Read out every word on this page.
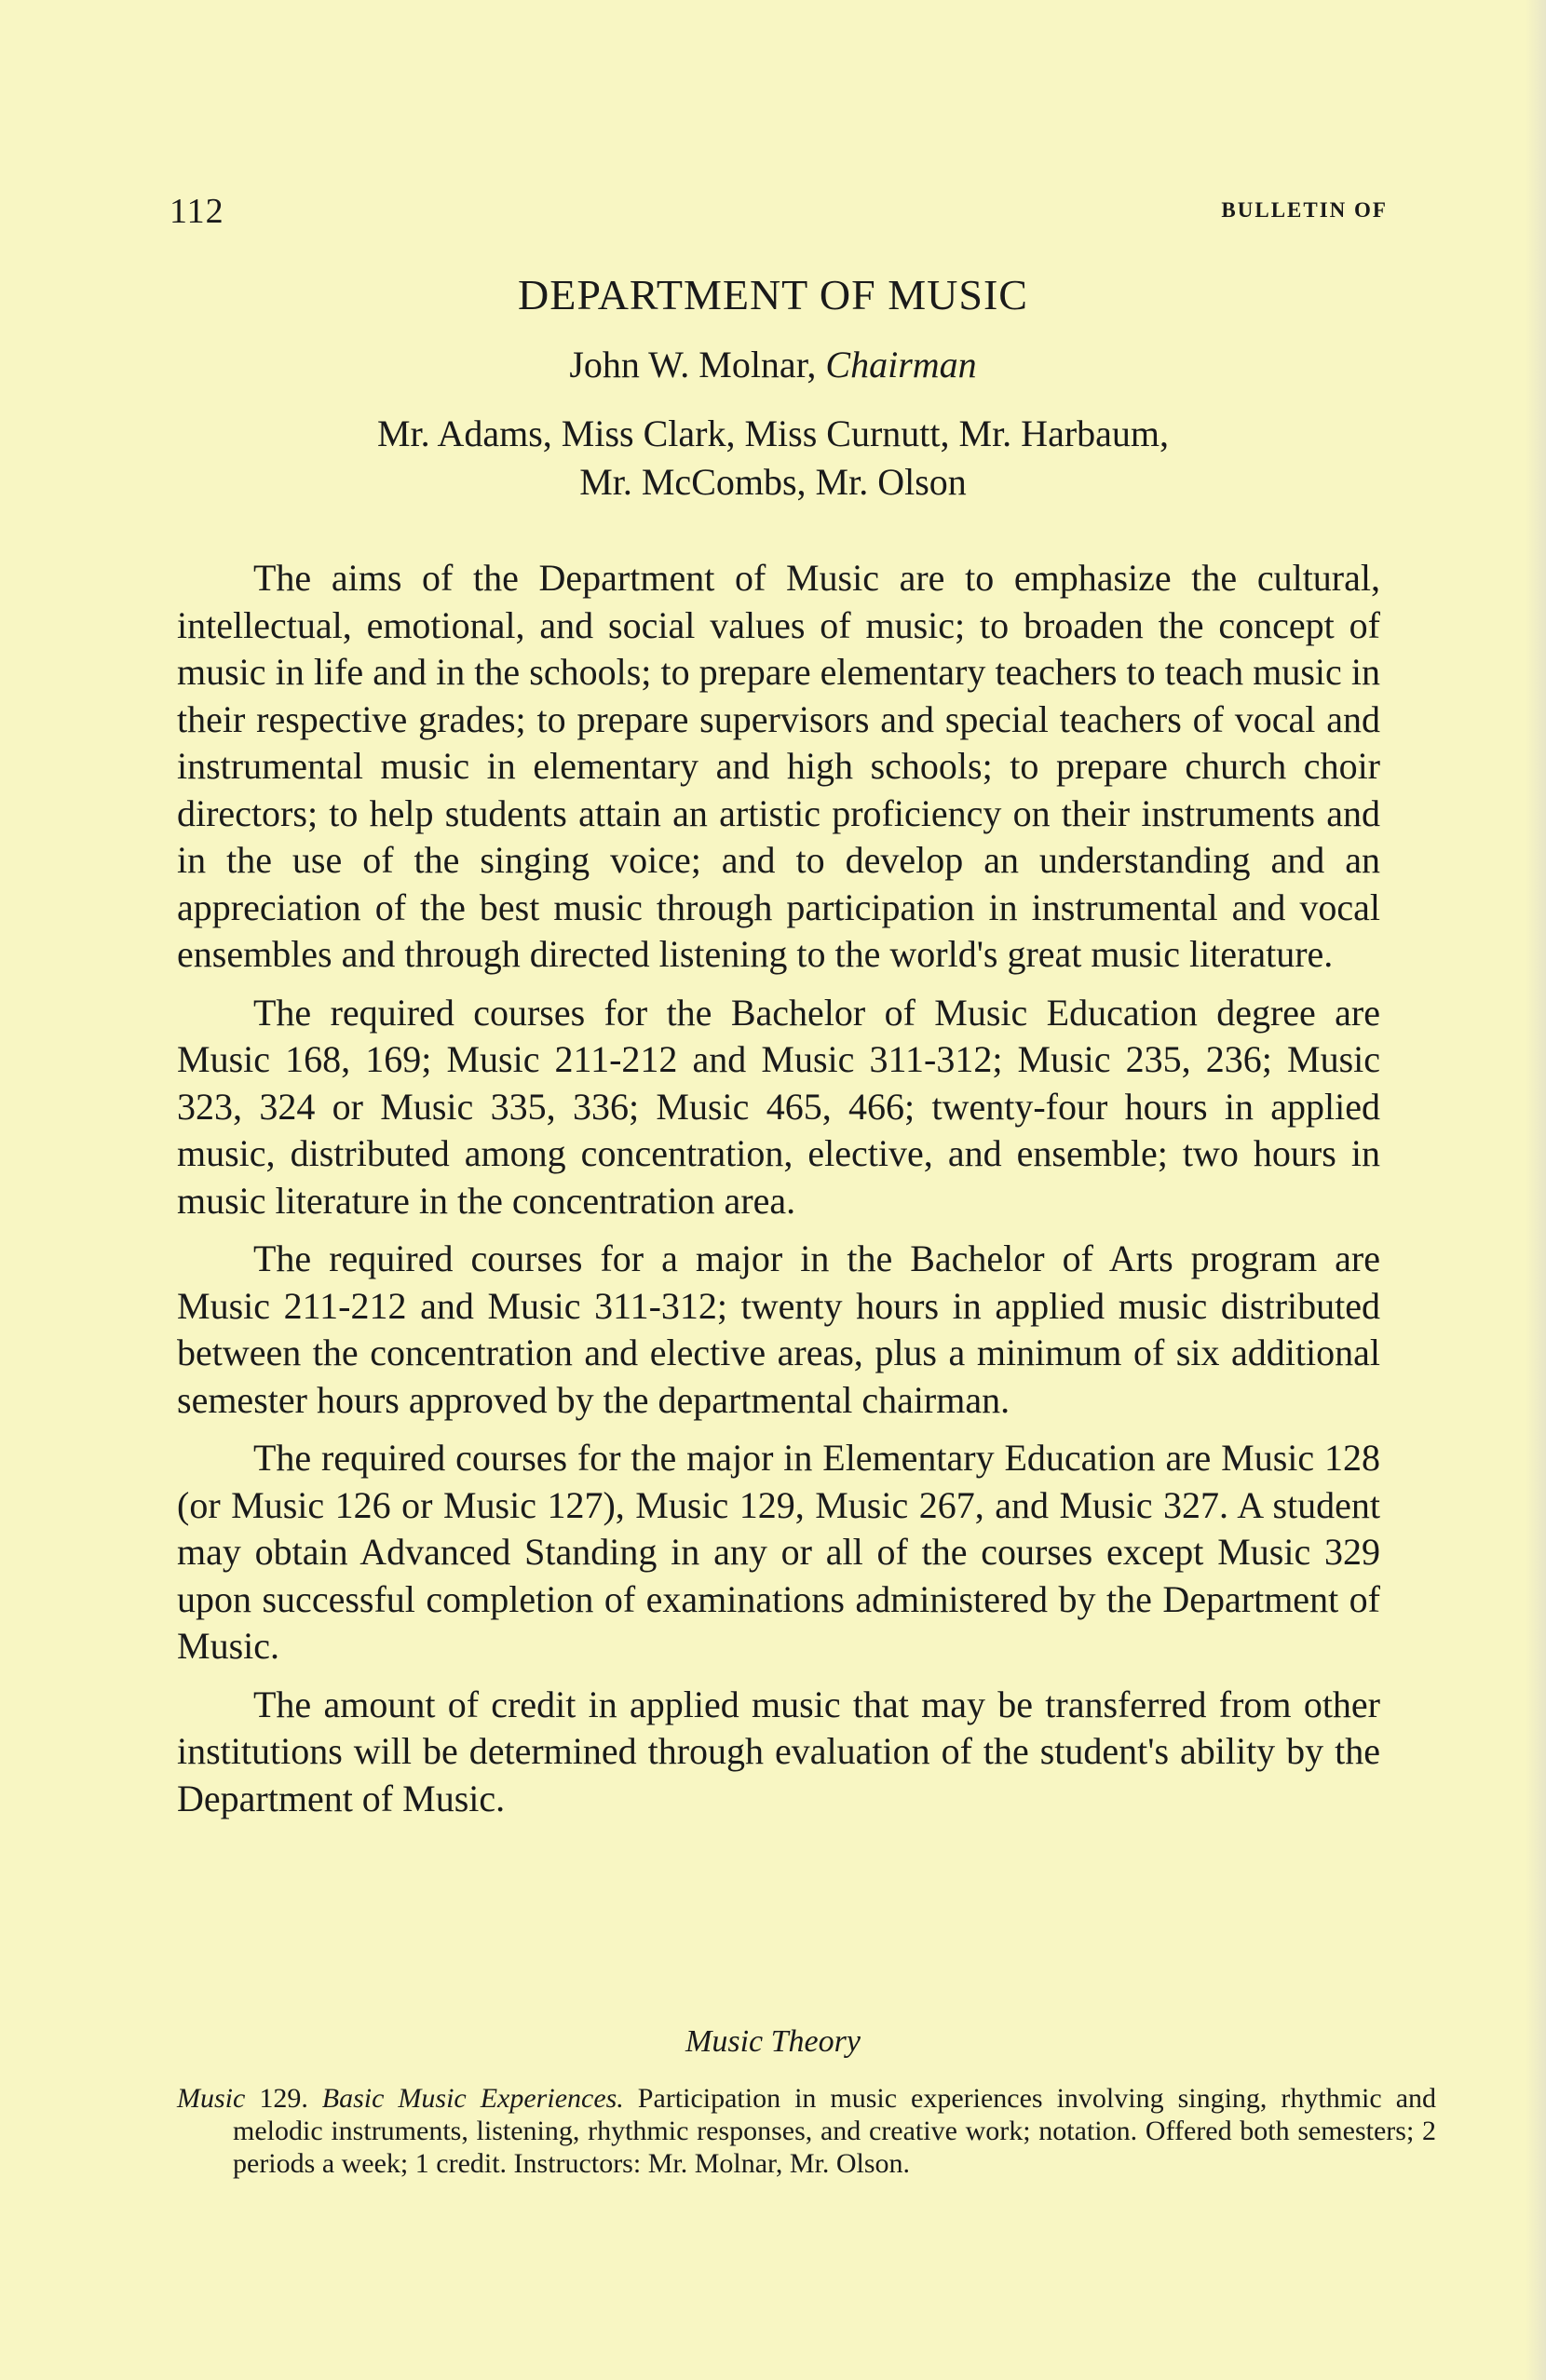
112	BULLETIN OF
DEPARTMENT OF MUSIC
John W. Molnar, Chairman
Mr. Adams, Miss Clark, Miss Curnutt, Mr. Harbaum,
Mr. McCombs, Mr. Olson

The aims of the Department of Music are to emphasize the cultural, intellectual, emotional, and social values of music; to broaden the concept of music in life and in the schools; to prepare elementary teachers to teach music in their respective grades; to prepare supervisors and special teachers of vocal and instrumental music in elementary and high schools; to prepare church choir directors; to help students attain an artistic proficiency on their instruments and in the use of the singing voice; and to develop an understanding and an appreciation of the best music through participation in instrumental and vocal ensembles and through directed listening to the world's great music literature.

The required courses for the Bachelor of Music Education degree are Music 168, 169; Music 211-212 and Music 311-312; Music 235, 236; Music 323, 324 or Music 335, 336; Music 465, 466; twenty-four hours in applied music, distributed among concentration, elective, and ensemble; two hours in music literature in the concentration area.

The required courses for a major in the Bachelor of Arts program are Music 211-212 and Music 311-312; twenty hours in applied music distributed between the concentration and elective areas, plus a minimum of six additional semester hours approved by the departmental chairman.

The required courses for the major in Elementary Education are Music 128 (or Music 126 or Music 127), Music 129, Music 267, and Music 327. A student may obtain Advanced Standing in any or all of the courses except Music 329 upon successful completion of examinations administered by the Department of Music.

The amount of credit in applied music that may be transferred from other institutions will be determined through evaluation of the student's ability by the Department of Music.

Music Theory
Music 129. Basic Music Experiences. Participation in music experiences involving singing, rhythmic and melodic instruments, listening, rhythmic responses, and creative work; notation. Offered both semesters; 2 periods a week; 1 credit. Instructors: Mr. Molnar, Mr. Olson.
